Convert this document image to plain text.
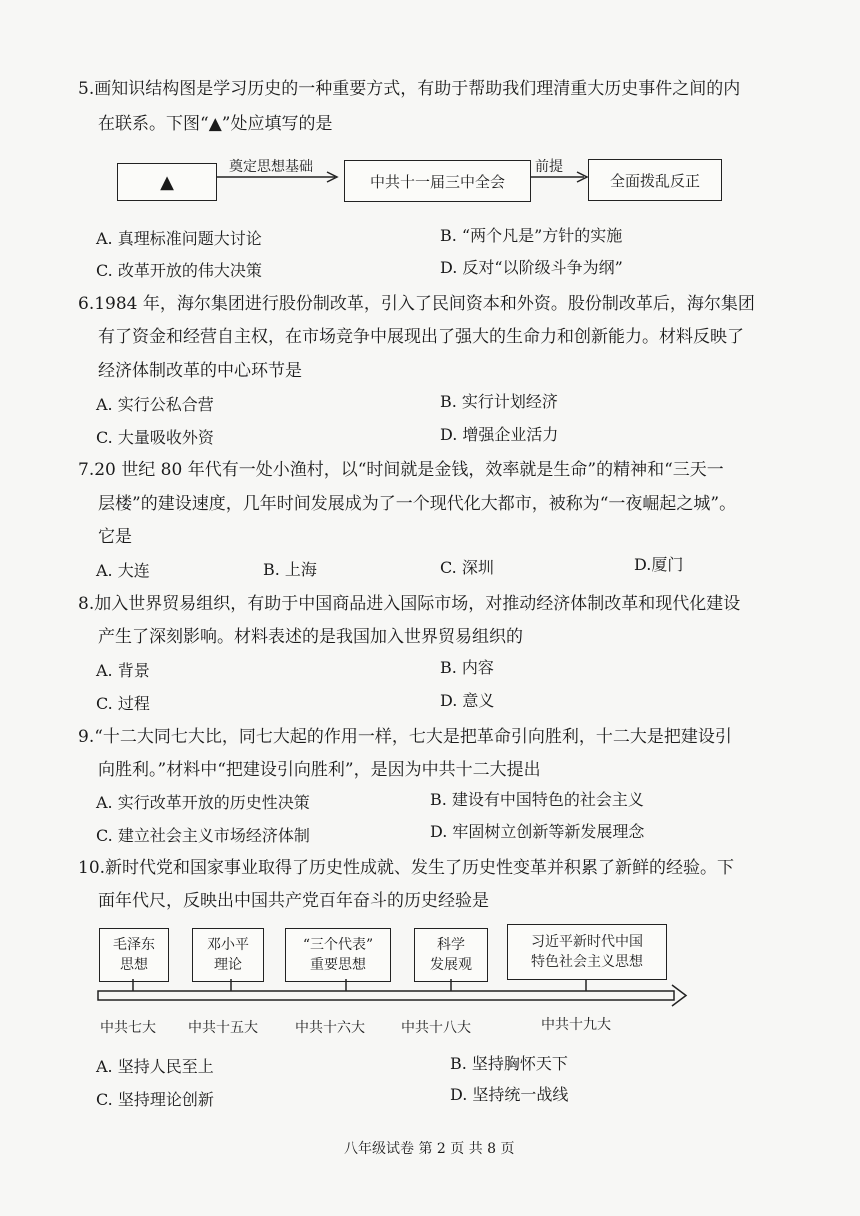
5.画知识结构图是学习历史的一种重要方式，有助于帮助我们理清重大历史事件之间的内
在联系。下图“▲”处应填写的是
▲
奠定思想基础
中共十一届三中全会
前提
全面拨乱反正
A. 真理标准问题大讨论	B. “两个凡是”方针的实施
C. 改革开放的伟大决策	D. 反对“以阶级斗争为纲”
6.1984 年，海尔集团进行股份制改革，引入了民间资本和外资。股份制改革后，海尔集团
有了资金和经营自主权，在市场竞争中展现出了强大的生命力和创新能力。材料反映了
经济体制改革的中心环节是
A. 实行公私合营	B. 实行计划经济
C. 大量吸收外资	D. 增强企业活力
7.20 世纪 80 年代有一处小渔村，以“时间就是金钱，效率就是生命”的精神和“三天一
层楼”的建设速度，几年时间发展成为了一个现代化大都市，被称为“一夜崛起之城”。
它是
A. 大连	B. 上海	C. 深圳	D.厦门
8.加入世界贸易组织，有助于中国商品进入国际市场，对推动经济体制改革和现代化建设
产生了深刻影响。材料表述的是我国加入世界贸易组织的
A. 背景	B. 内容
C. 过程	D. 意义
9.“十二大同七大比，同七大起的作用一样，七大是把革命引向胜利，十二大是把建设引
向胜利。”材料中“把建设引向胜利”，是因为中共十二大提出
A. 实行改革开放的历史性决策	B. 建设有中国特色的社会主义
C. 建立社会主义市场经济体制	D. 牢固树立创新等新发展理念
10.新时代党和国家事业取得了历史性成就、发生了历史性变革并积累了新鲜的经验。下
面年代尺，反映出中国共产党百年奋斗的历史经验是
毛泽东
思想
邓小平
理论
“三个代表”
重要思想
科学
发展观
习近平新时代中国
特色社会主义思想
中共七大 中共十五大	中共十六大	中共十八大	中共十九大
A. 坚持人民至上	B. 坚持胸怀天下
C. 坚持理论创新	D. 坚持统一战线
八年级试卷 第 2 页 共 8 页
